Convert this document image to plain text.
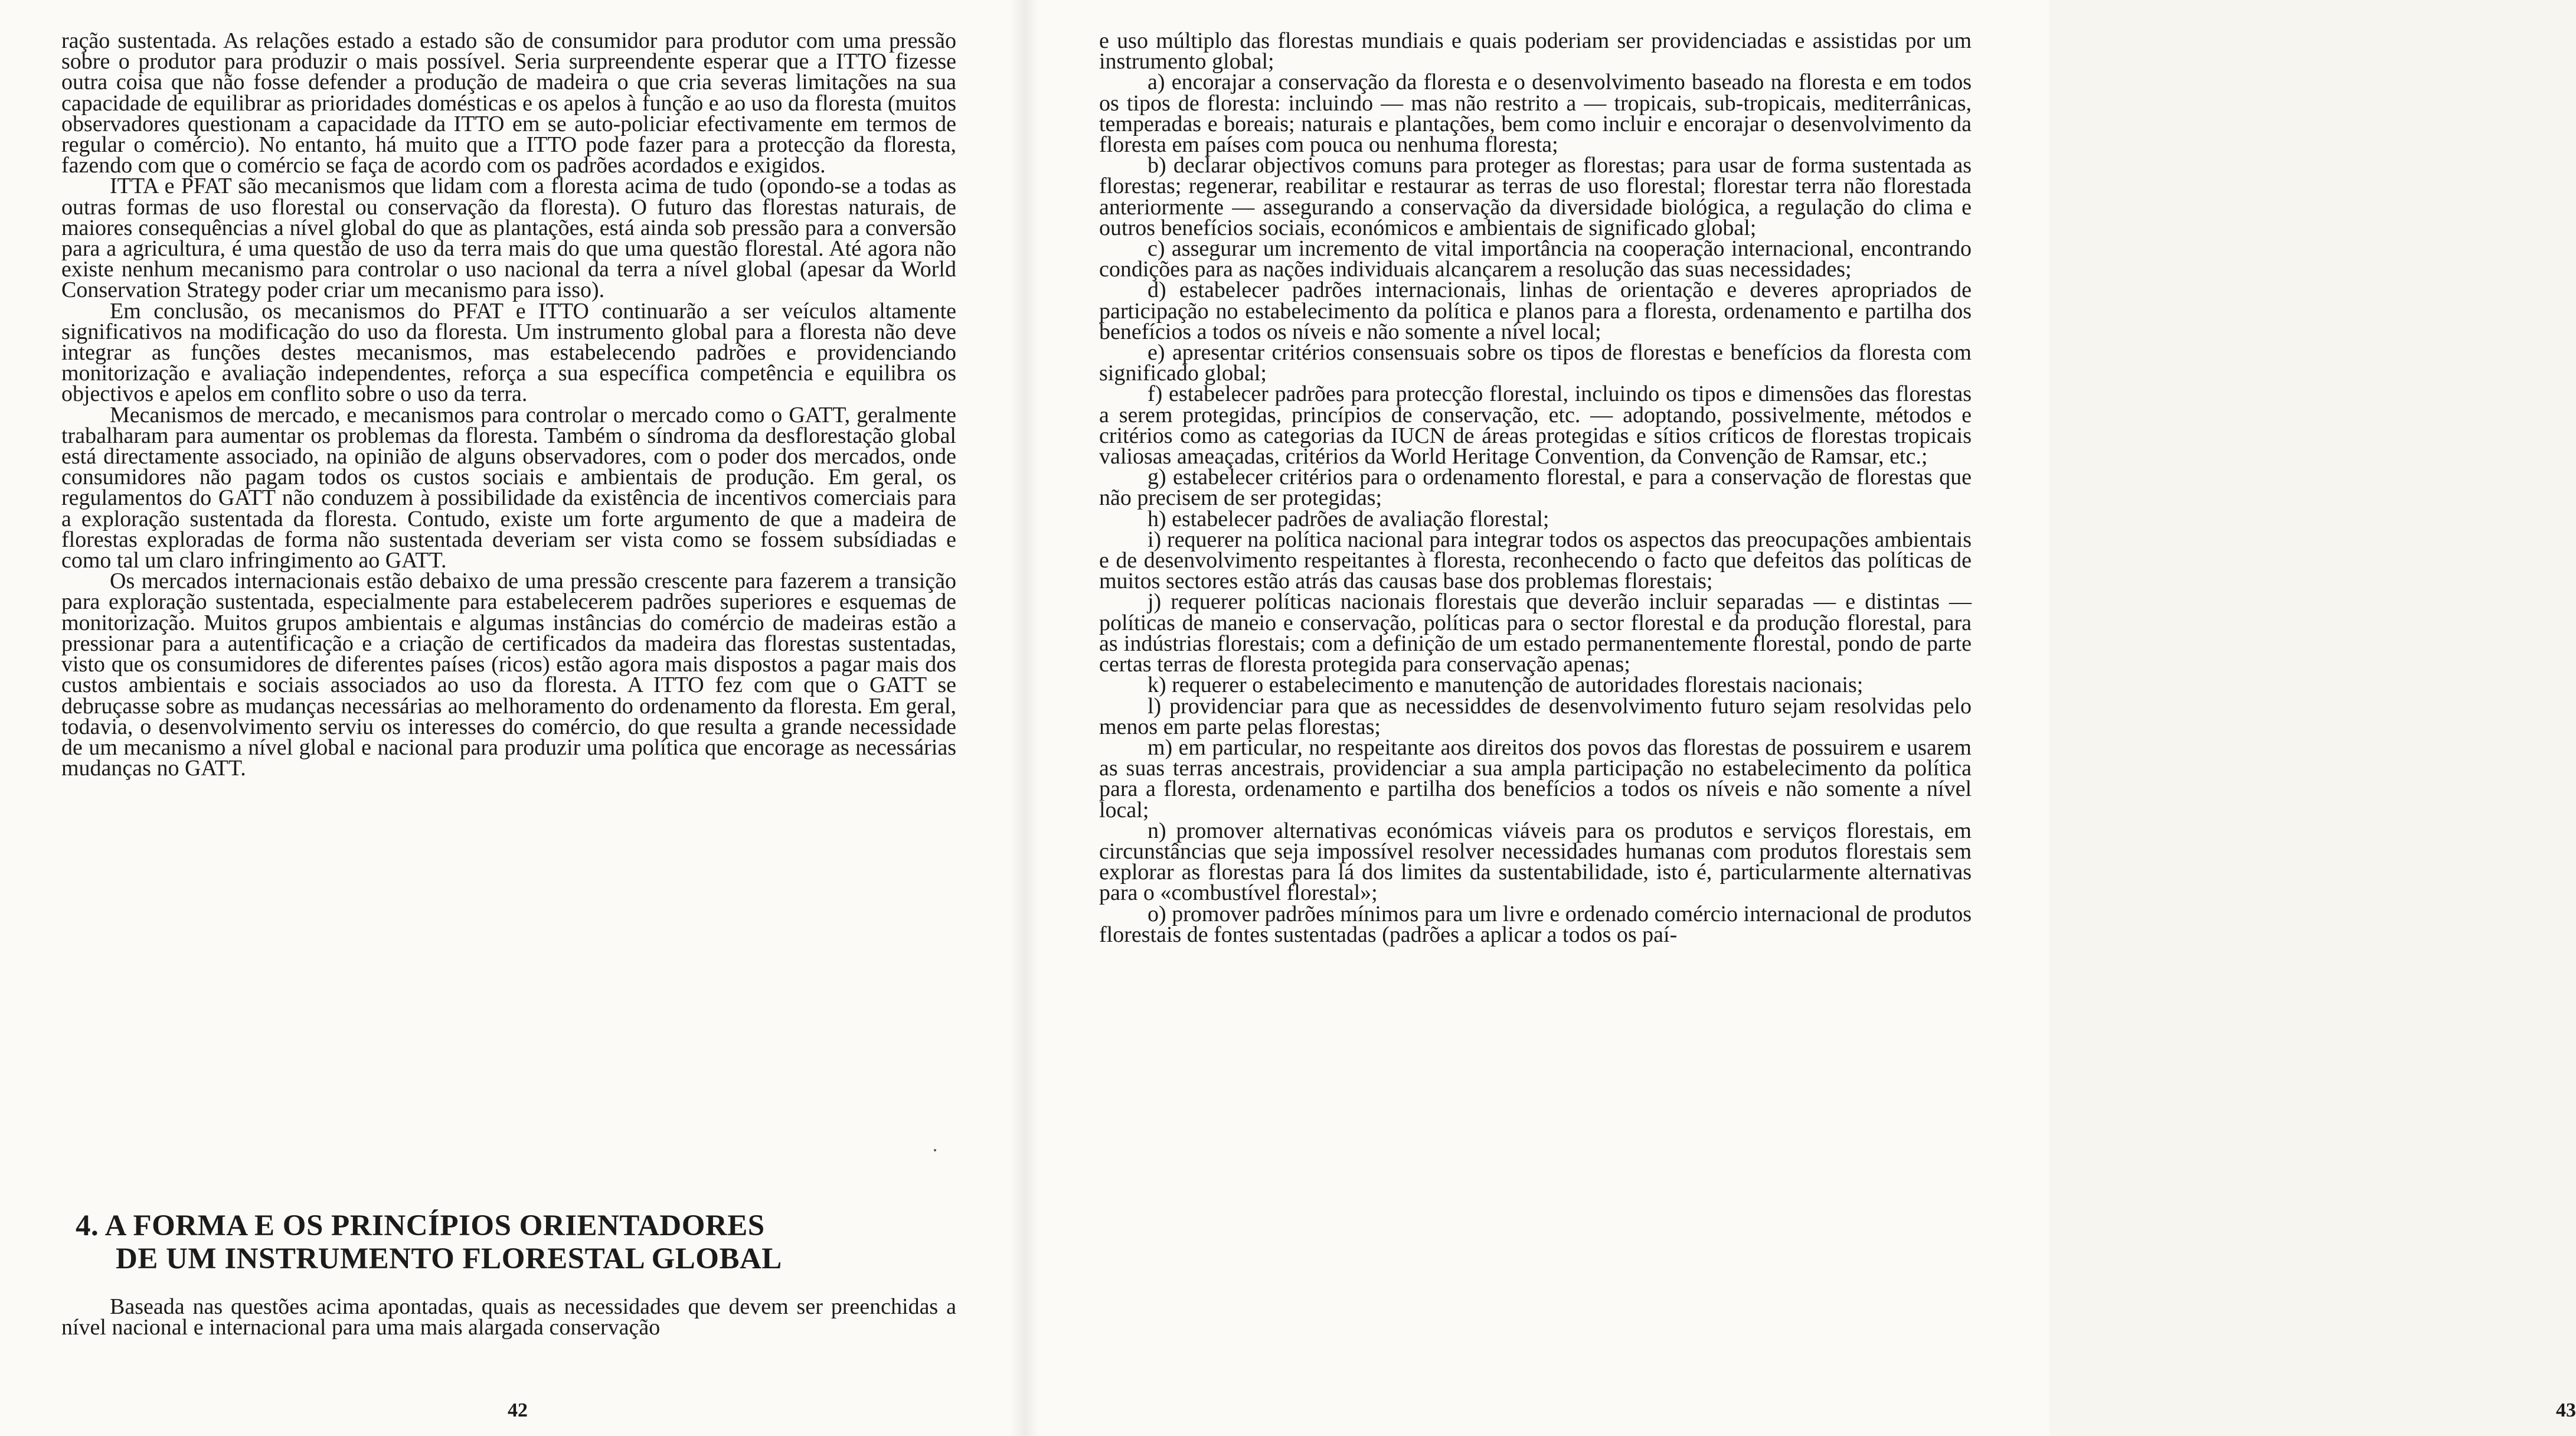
ração sustentada. As relações estado a estado são de consumidor para produtor com uma pressão sobre o produtor para produzir o mais possível. Seria surpreendente esperar que a ITTO fizesse outra coisa que não fosse defender a produção de madeira o que cria severas limitações na sua capacidade de equilibrar as prioridades domésticas e os apelos à função e ao uso da floresta (muitos observadores questionam a capacidade da ITTO em se auto-policiar efectivamente em termos de regular o comércio). No entanto, há muito que a ITTO pode fazer para a protecção da floresta, fazendo com que o comércio se faça de acordo com os padrões acordados e exigidos.

ITTA e PFAT são mecanismos que lidam com a floresta acima de tudo (opondo-se a todas as outras formas de uso florestal ou conservação da floresta). O futuro das florestas naturais, de maiores consequências a nível global do que as plantações, está ainda sob pressão para a conversão para a agricultura, é uma questão de uso da terra mais do que uma questão florestal. Até agora não existe nenhum mecanismo para controlar o uso nacional da terra a nível global (apesar da World Conservation Strategy poder criar um mecanismo para isso).

Em conclusão, os mecanismos do PFAT e ITTO continuarão a ser veículos altamente significativos na modificação do uso da floresta. Um instrumento global para a floresta não deve integrar as funções destes mecanismos, mas estabelecendo padrões e providenciando monitorização e avaliação independentes, reforça a sua específica competência e equilibra os objectivos e apelos em conflito sobre o uso da terra.

Mecanismos de mercado, e mecanismos para controlar o mercado como o GATT, geralmente trabalharam para aumentar os problemas da floresta. Também o síndroma da desflorestação global está directamente associado, na opinião de alguns observadores, com o poder dos mercados, onde consumidores não pagam todos os custos sociais e ambientais de produção. Em geral, os regulamentos do GATT não conduzem à possibilidade da existência de incentivos comerciais para a exploração sustentada da floresta. Contudo, existe um forte argumento de que a madeira de florestas exploradas de forma não sustentada deveriam ser vista como se fossem subsídiadas e como tal um claro infringimento ao GATT.

Os mercados internacionais estão debaixo de uma pressão crescente para fazerem a transição para exploração sustentada, especialmente para estabelecerem padrões superiores e esquemas de monitorização. Muitos grupos ambientais e algumas instâncias do comércio de madeiras estão a pressionar para a autentificação e a criação de certificados da madeira das florestas sustentadas, visto que os consumidores de diferentes países (ricos) estão agora mais dispostos a pagar mais dos custos ambientais e sociais associados ao uso da floresta. A ITTO fez com que o GATT se debruçasse sobre as mudanças necessárias ao melhoramento do ordenamento da floresta. Em geral, todavia, o desenvolvimento serviu os interesses do comércio, do que resulta a grande necessidade de um mecanismo a nível global e nacional para produzir uma política que encorage as necessárias mudanças no GATT.

4. A FORMA E OS PRINCÍPIOS ORIENTADORES
DE UM INSTRUMENTO FLORESTAL GLOBAL

Baseada nas questões acima apontadas, quais as necessidades que devem ser preenchidas a nível nacional e internacional para uma mais alargada conservação

42	43

e uso múltiplo das florestas mundiais e quais poderiam ser providenciadas e assistidas por um instrumento global;

a) encorajar a conservação da floresta e o desenvolvimento baseado na floresta e em todos os tipos de floresta: incluindo — mas não restrito a — tropicais, sub-tropicais, mediterrânicas, temperadas e boreais; naturais e plantações, bem como incluir e encorajar o desenvolvimento da floresta em países com pouca ou nenhuma floresta;

b) declarar objectivos comuns para proteger as florestas; para usar de forma sustentada as florestas; regenerar, reabilitar e restaurar as terras de uso florestal; florestar terra não florestada anteriormente — assegurando a conservação da diversidade biológica, a regulação do clima e outros benefícios sociais, económicos e ambientais de significado global;

c) assegurar um incremento de vital importância na cooperação internacional, encontrando condições para as nações individuais alcançarem a resolução das suas necessidades;

d) estabelecer padrões internacionais, linhas de orientação e deveres apropriados de participação no estabelecimento da política e planos para a floresta, ordenamento e partilha dos benefícios a todos os níveis e não somente a nível local;

e) apresentar critérios consensuais sobre os tipos de florestas e benefícios da floresta com significado global;

f) estabelecer padrões para protecção florestal, incluindo os tipos e dimensões das florestas a serem protegidas, princípios de conservação, etc. — adoptando, possivelmente, métodos e critérios como as categorias da IUCN de áreas protegidas e sítios críticos de florestas tropicais valiosas ameaçadas, critérios da World Heritage Convention, da Convenção de Ramsar, etc.;

g) estabelecer critérios para o ordenamento florestal, e para a conservação de florestas que não precisem de ser protegidas;

h) estabelecer padrões de avaliação florestal;

i) requerer na política nacional para integrar todos os aspectos das preocupações ambientais e de desenvolvimento respeitantes à floresta, reconhecendo o facto que defeitos das políticas de muitos sectores estão atrás das causas base dos problemas florestais;

j) requerer políticas nacionais florestais que deverão incluir separadas — e distintas — políticas de maneio e conservação, políticas para o sector florestal e da produção florestal, para as indústrias florestais; com a definição de um estado permanentemente florestal, pondo de parte certas terras de floresta protegida para conservação apenas;

k) requerer o estabelecimento e manutenção de autoridades florestais nacionais;

l) providenciar para que as necessiddes de desenvolvimento futuro sejam resolvidas pelo menos em parte pelas florestas;

m) em particular, no respeitante aos direitos dos povos das florestas de possuirem e usarem as suas terras ancestrais, providenciar a sua ampla participação no estabelecimento da política para a floresta, ordenamento e partilha dos benefícios a todos os níveis e não somente a nível local;

n) promover alternativas económicas viáveis para os produtos e serviços florestais, em circunstâncias que seja impossível resolver necessidades humanas com produtos florestais sem explorar as florestas para lá dos limites da sustentabilidade, isto é, particularmente alternativas para o «combustível florestal»;

o) promover padrões mínimos para um livre e ordenado comércio internacional de produtos florestais de fontes sustentadas (padrões a aplicar a todos os paí-
